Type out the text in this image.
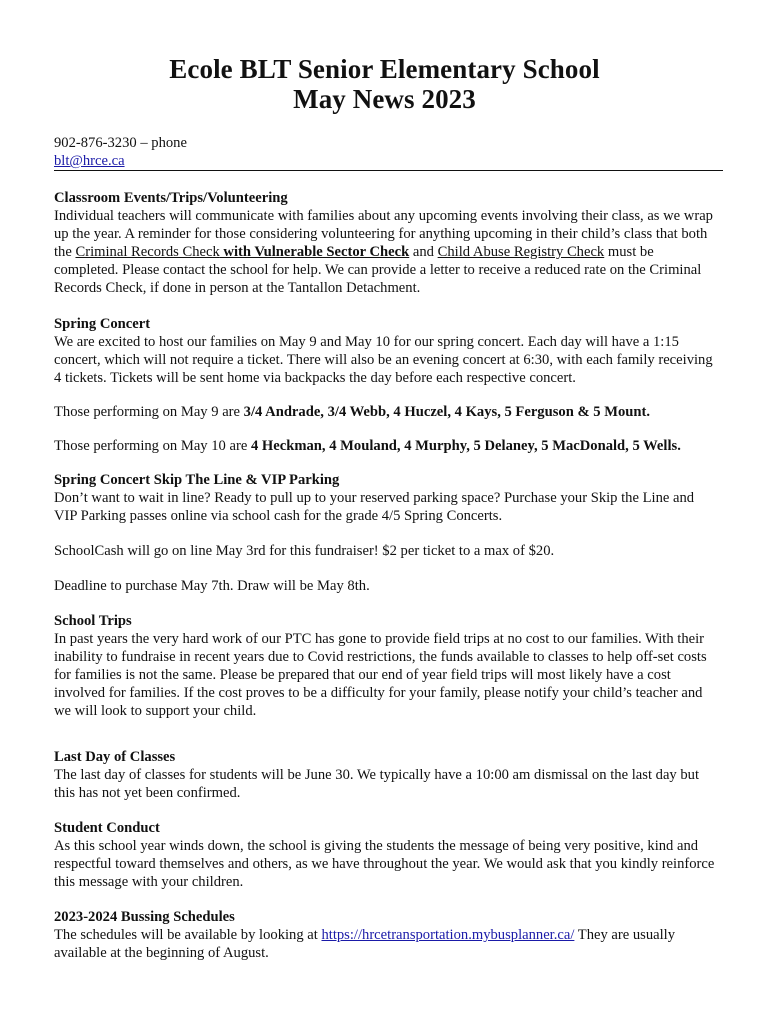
Ecole BLT Senior Elementary School
May News 2023
902-876-3230 – phone
blt@hrce.ca
Classroom Events/Trips/Volunteering

Individual teachers will communicate with families about any upcoming events involving their class, as we wrap up the year. A reminder for those considering volunteering for anything upcoming in their child’s class that both the Criminal Records Check with Vulnerable Sector Check and Child Abuse Registry Check must be completed. Please contact the school for help. We can provide a letter to receive a reduced rate on the Criminal Records Check, if done in person at the Tantallon Detachment.

Spring Concert

We are excited to host our families on May 9 and May 10 for our spring concert. Each day will have a 1:15 concert, which will not require a ticket. There will also be an evening concert at 6:30, with each family receiving 4 tickets. Tickets will be sent home via backpacks the day before each respective concert.

Those performing on May 9 are 3/4 Andrade, 3/4 Webb, 4 Huczel, 4 Kays, 5 Ferguson & 5 Mount.

Those performing on May 10 are 4 Heckman, 4 Mouland, 4 Murphy, 5 Delaney, 5 MacDonald, 5 Wells.

Spring Concert Skip The Line & VIP Parking

Don’t want to wait in line? Ready to pull up to your reserved parking space? Purchase your Skip the Line and VIP Parking passes online via school cash for the grade 4/5 Spring Concerts.

SchoolCash will go on line May 3rd for this fundraiser! $2 per ticket to a max of $20.

Deadline to purchase May 7th. Draw will be May 8th.

School Trips

In past years the very hard work of our PTC has gone to provide field trips at no cost to our families. With their inability to fundraise in recent years due to Covid restrictions, the funds available to classes to help off-set costs for families is not the same. Please be prepared that our end of year field trips will most likely have a cost involved for families. If the cost proves to be a difficulty for your family, please notify your child’s teacher and we will look to support your child.

Last Day of Classes

The last day of classes for students will be June 30. We typically have a 10:00 am dismissal on the last day but this has not yet been confirmed.

Student Conduct

As this school year winds down, the school is giving the students the message of being very positive, kind and respectful toward themselves and others, as we have throughout the year. We would ask that you kindly reinforce this message with your children.

2023-2024 Bussing Schedules

The schedules will be available by looking at https://hrcetransportation.mybusplanner.ca/ They are usually available at the beginning of August.
